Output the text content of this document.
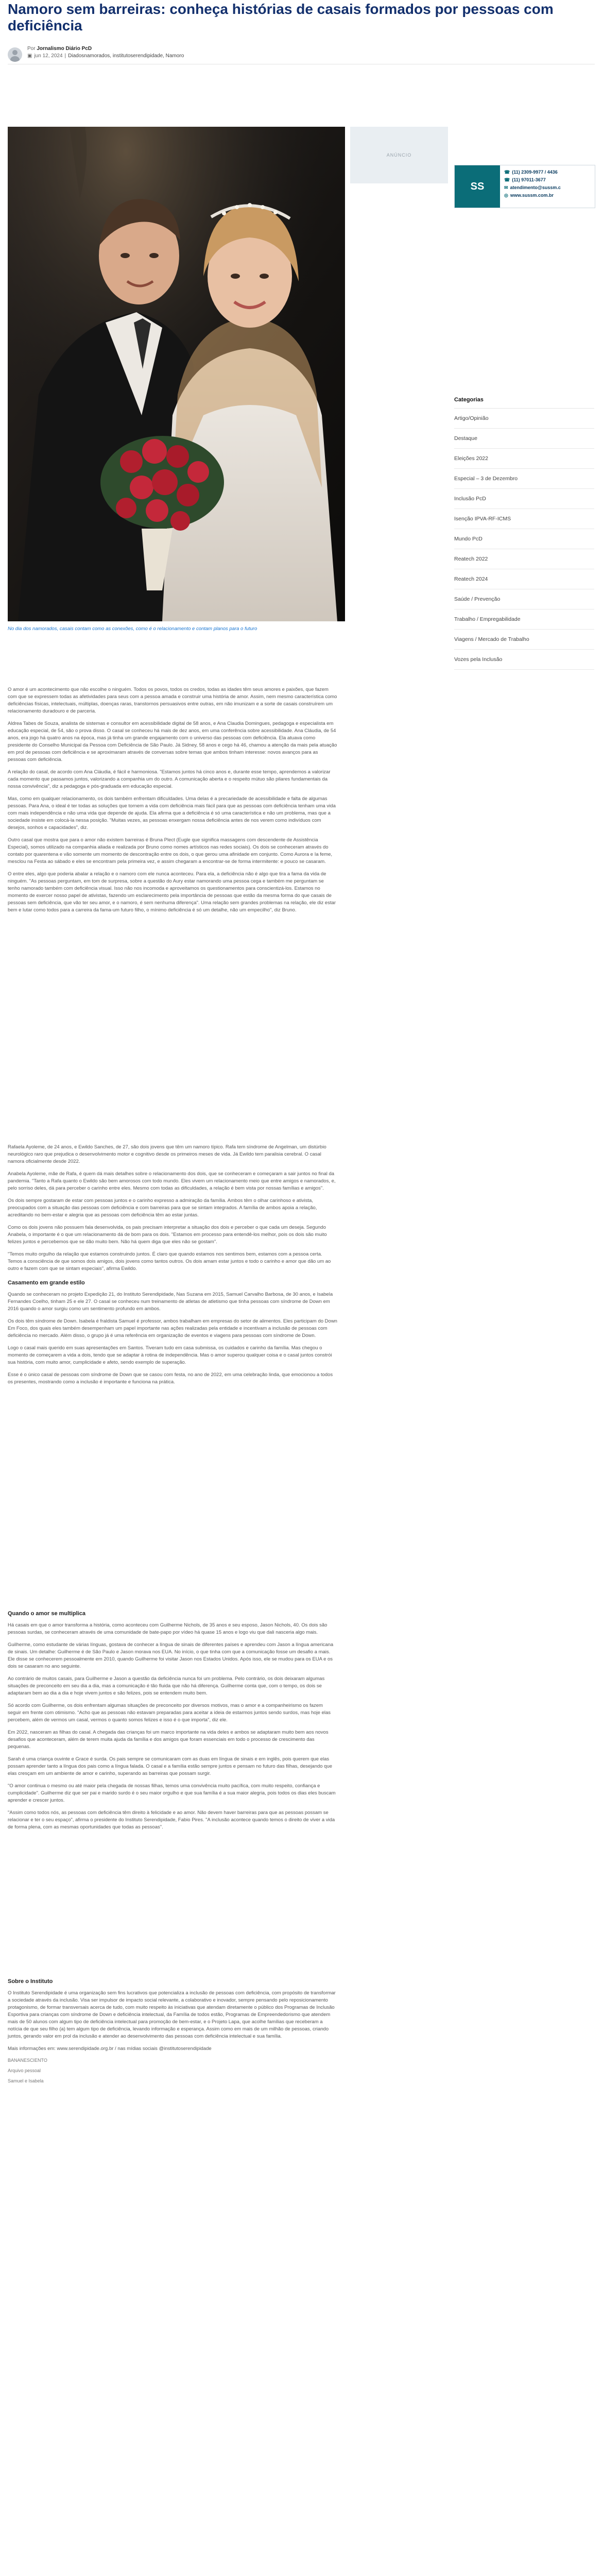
Namoro sem barreiras: conheça histórias de casais formados por pessoas com deficiência
Por Jornalismo Diário PcD
▣ jun 12, 2024 | Diadosnamorados, institutoserendipidade, Namoro
No dia dos namorados, casais contam como as conexões, como é o relacionamento e contam planos para o futuro
ANÚNCIO
SS
☎ (11) 2309-9977 / 4436
☎ (11) 97011-3677
✉ atendimento@sussm.c
◎ www.sussm.com.br
Categorias
Artigo/Opinião
Destaque
Eleições 2022
Especial – 3 de Dezembro
Inclusão PcD
Isenção IPVA-RF-ICMS
Mundo PcD
Reatech 2022
Reatech 2024
Saúde / Prevenção
Trabalho / Empregabilidade
Viagens / Mercado de Trabalho
Vozes pela Inclusão

O amor é um acontecimento que não escolhe o ninguém. Todos os povos, todos os credos, todas as idades têm seus amores e paixões, que fazem com que se expressem todas as afetividades para seus com a pessoa amada e construir uma história de amor. Assim, nem mesmo característica como deficiências físicas, intelectuais, múltiplas, doenças raras, transtornos persuasivos entre outras, em não imunizam e a sorte de casais construírem um relacionamento duradouro e de parceria.

Aldrea Tabes de Souza, analista de sistemas e consultor em acessibilidade digital de 58 anos, e Ana Claudia Domingues, pedagoga e especialista em educação especial, de 54, são o prova disso. O casal se conheceu há mais de dez anos, em uma conferência sobre acessibilidade. Ana Cláudia, de 54 anos, era jogo há quatro anos na época, mas já tinha um grande engajamento com o universo das pessoas com deficiência. Ela atuava como presidente do Conselho Municipal da Pessoa com Deficiência de São Paulo. Já Sidney, 58 anos e cego há 46, chamou a atenção da mais pela atuação em prol de pessoas com deficiência e se aproximaram através de conversas sobre temas que ambos tinham interesse: novos avanços para as pessoas com deficiência.

A relação do casal, de acordo com Ana Cláudia, é fácil e harmoniosa. "Estamos juntos há cinco anos e, durante esse tempo, aprendemos a valorizar cada momento que passamos juntos, valorizando a companhia um do outro. A comunicação aberta e o respeito mútuo são pilares fundamentais da nossa convivência", diz a pedagoga e pós-graduada em educação especial.

Mas, como em qualquer relacionamento, os dois também enfrentam dificuldades. Uma delas é a precariedade de acessibilidade e falta de algumas pessoas. Para Ana, o ideal é ter todas as soluções que tornem a vida com deficiência mais fácil para que as pessoas com deficiência tenham uma vida com mais independência e não uma vida que depende de ajuda. Ela afirma que a deficiência é só uma característica e não um problema, mas que a sociedade insiste em colocá-la nessa posição. "Muitas vezes, as pessoas enxergam nossa deficiência antes de nos verem como indivíduos com desejos, sonhos e capacidades", diz.

Outro casal que mostra que para o amor não existem barreiras é Bruna Plect (Eugle que significa massagens com descendente de Assistência Especial), somos utilizado na companhia aliada e realizada por Bruno como nomes artísticos nas redes sociais). Os dois se conheceram através do contato por quarentena e vão somente um momento de descontração entre os dois, o que gerou uma afinidade em conjunto. Como Aurora e Ia feme, mesclou na Festa ao sábado e eles se encontram pela primeira vez, e assim chegaram a encontrar-se de forma intermitente: e pouco se casaram.

O entre eles, algo que poderia abalar a relação e o namoro com ele nunca aconteceu. Para ela, a deficiência não é algo que tira a fama da vida de ninguém. "As pessoas perguntam, em tom de surpresa, sobre a questão do Aury estar namorando uma pessoa cega e também me perguntam se tenho namorado também com deficiência visual. Isso não nos incomoda e aproveitamos os questionamentos para conscientizá-los. Estamos no momento de exercer nosso papel de ativistas, fazendo um esclarecimento pela importância de pessoas que estão da mesma forma do que casais de pessoas sem deficiência, que vão ter seu amor, e o namoro, é sem nenhuma diferença". Uma relação sem grandes problemas na relação, ele diz estar bem e lutar como todos para a carreira da fama-um futuro filho, o mínimo deficiência é só um detalhe, não um empecilho", diz Bruno.

Rafaela Ayoleme, de 24 anos, e Ewildo Sanches, de 27, são dois jovens que têm um namoro típico. Rafa tem síndrome de Angelman, um distúrbio neurológico raro que prejudica o desenvolvimento motor e cognitivo desde os primeiros meses de vida. Já Ewildo tem paralisia cerebral. O casal namora oficialmente desde 2022.

Anabela Ayoleme, mãe de Rafa, é quem dá mais detalhes sobre o relacionamento dos dois, que se conheceram e começaram a sair juntos no final da pandemia. "Tanto a Rafa quanto o Ewildo são bem amorosos com todo mundo. Eles vivem um relacionamento meio que entre amigos e namorados, e, pelo sorriso deles, dá para perceber o carinho entre eles. Mesmo com todas as dificuldades, a relação é bem vista por nossas famílias e amigos".

Os dois sempre gostaram de estar com pessoas juntos e o carinho expresso a admiração da família. Ambos têm o olhar carinhoso e ativista, preocupados com a situação das pessoas com deficiência e com barreiras para que se sintam integrados. A família de ambos apoia a relação, acreditando no bem-estar e alegria que as pessoas com deficiência têm ao estar juntas.

Como os dois jovens não possuem fala desenvolvida, os pais precisam interpretar a situação dos dois e perceber o que cada um deseja. Segundo Anabela, o importante é o que um relacionamento dá de bom para os dois. "Estamos em processo para entendê-los melhor, pois os dois são muito felizes juntos e percebemos que se dão muito bem. Não há quem diga que eles não se gostam".

"Temos muito orgulho da relação que estamos construindo juntos. É claro que quando estamos nos sentimos bem, estamos com a pessoa certa. Temos a consciência de que somos dois amigos, dois jovens como tantos outros. Os dois amam estar juntos e todo o carinho e amor que dão um ao outro e fazem com que se sintam especiais", afirma Ewildo.

Casamento em grande estilo

Quando se conheceram no projeto Expedição 21, do Instituto Serendipidade, Nas Suzana em 2015, Samuel Carvalho Barbosa, de 30 anos, e Isabela Fernandes Coelho, tinham 25 e ele 27. O casal se conheceu num treinamento de atletas de atletismo que tinha pessoas com síndrome de Down em 2016 quando o amor surgiu como um sentimento profundo em ambos.

Os dois têm síndrome de Down. Isabela é fraldista Samuel é professor, ambos trabalham em empresas do setor de alimentos. Eles participam do Down Em Foco, dos quais eles também desempenham um papel importante nas ações realizadas pela entidade e incentivam a inclusão de pessoas com deficiência no mercado. Além disso, o grupo já é uma referência em organização de eventos e viagens para pessoas com síndrome de Down.

Logo o casal mais querido em suas apresentações em Santos. Tiveram tudo em casa submissa, os cuidados e carinho da família. Mas chegou o momento de começarem a vida a dois, tendo que se adaptar à rotina de independência. Mas o amor superou qualquer coisa e o casal juntos constrói sua história, com muito amor, cumplicidade e afeto, sendo exemplo de superação.

Esse é o único casal de pessoas com síndrome de Down que se casou com festa, no ano de 2022, em uma celebração linda, que emocionou a todos os presentes, mostrando como a inclusão é importante e funciona na prática.

Quando o amor se multiplica

Há casais em que o amor transforma a história, como aconteceu com Guilherme Nichols, de 35 anos e seu esposo, Jason Nichols, 40. Os dois são pessoas surdas, se conheceram através de uma comunidade de bate-papo por vídeo há quase 15 anos e logo viu que dali nasceria algo mais.

Guilherme, como estudante de várias línguas, gostava de conhecer a língua de sinais de diferentes países e aprendeu com Jason a língua americana de sinais. Um detalhe: Guilherme é de São Paulo e Jason morava nos EUA. No início, o que tinha com que a comunicação fosse um desafio a mais. Ele disse se conhecerem pessoalmente em 2010, quando Guilherme foi visitar Jason nos Estados Unidos. Após isso, ele se mudou para os EUA e os dois se casaram no ano seguinte.

Ao contrário de muitos casais, para Guilherme e Jason a questão da deficiência nunca foi um problema. Pelo contrário, os dois deixaram algumas situações de preconceito em seu dia a dia, mas a comunicação é tão fluida que não há diferença. Guilherme conta que, com o tempo, os dois se adaptaram bem ao dia a dia e hoje vivem juntos e são felizes, pois se entendem muito bem.

Só acordo com Guilherme, os dois enfrentam algumas situações de preconceito por diversos motivos, mas o amor e a companheirismo os fazem seguir em frente com otimismo. "Acho que as pessoas não estavam preparadas para aceitar a ideia de estarmos juntos sendo surdos, mas hoje elas percebem, além de vermos um casal, vermos o quanto somos felizes e isso é o que importa", diz ele.

Em 2022, nasceram as filhas do casal. A chegada das crianças foi um marco importante na vida deles e ambos se adaptaram muito bem aos novos desafios que aconteceram, além de terem muita ajuda da família e dos amigos que foram essenciais em todo o processo de crescimento das pequenas.

Sarah é uma criança ouvinte e Grace é surda. Os pais sempre se comunicaram com as duas em língua de sinais e em inglês, pois querem que elas possam aprender tanto a língua dos pais como a língua falada. O casal e a família estão sempre juntos e pensam no futuro das filhas, desejando que elas cresçam em um ambiente de amor e carinho, superando as barreiras que possam surgir.

"O amor continua o mesmo ou até maior pela chegada de nossas filhas, temos uma convivência muito pacífica, com muito respeito, confiança e cumplicidade". Guilherme diz que ser pai e marido surdo é o seu maior orgulho e que sua família é a sua maior alegria, pois todos os dias eles buscam aprender e crescer juntos.

"Assim como todos nós, as pessoas com deficiência têm direito à felicidade e ao amor. Não devem haver barreiras para que as pessoas possam se relacionar e ter o seu espaço", afirma o presidente do Instituto Serendipidade, Fabio Pires. "A inclusão acontece quando temos o direito de viver a vida de forma plena, com as mesmas oportunidades que todas as pessoas".

Sobre o Instituto

O Instituto Serendipidade é uma organização sem fins lucrativos que potencializa a inclusão de pessoas com deficiência, com propósito de transformar a sociedade através da inclusão. Visa ser impulsor de impacto social relevante, a colaborativo e inovador, sempre pensando pelo reposicionamento protagonismo, de formar transversais acerca de tudo, com muito respeito às iniciativas que atendam diretamente o público dos Programas de Inclusão Esportiva para crianças com síndrome de Down e deficiência intelectual, da Família de todos estão, Programas de Empreendedorismo que atendem mais de 50 alunos com algum tipo de deficiência intelectual para promoção de bem-estar, e o Projeto Lapa, que acolhe famílias que receberam a notícia de que seu filho (a) tem algum tipo de deficiência, levando informação e esperança. Assim como em mais de um milhão de pessoas, criando juntos, gerando valor em prol da inclusão e atender ao desenvolvimento das pessoas com deficiência intelectual e sua família.

Mais informações em: www.serendipidade.org.br / nas mídias sociais @institutoserendipidade

BANANESCIENTO

Arquivo pessoal

Samuel e Isabela
